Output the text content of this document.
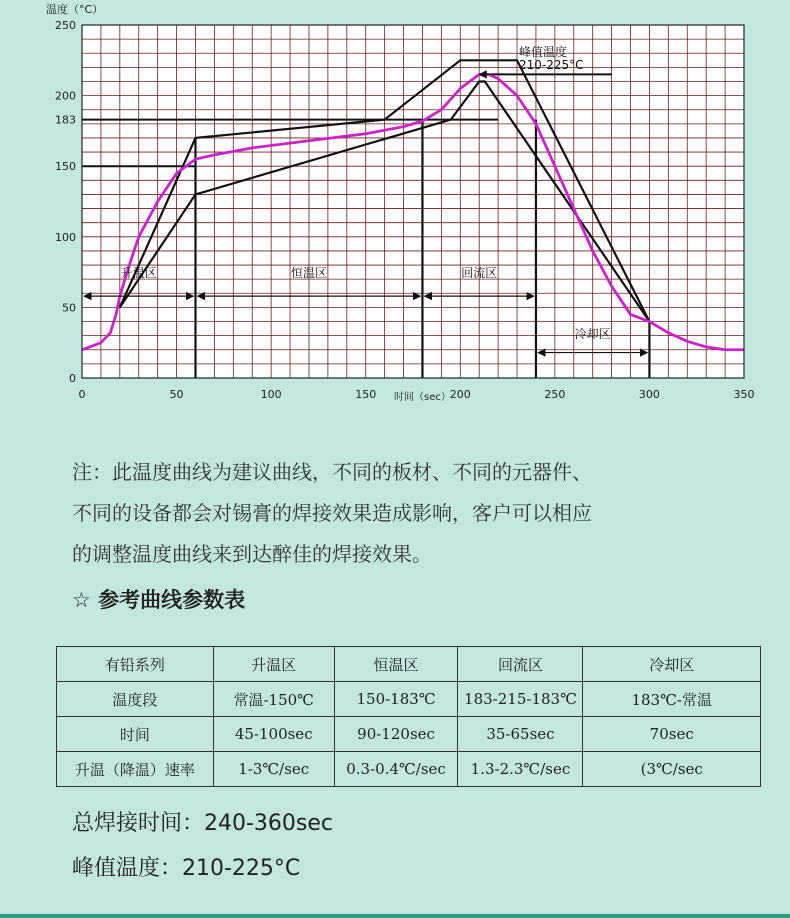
升温区	恒温区	回流区
冷却区
峰值温度
210-225°C
0
50
100
150
183
200
250
0	50	100	150	200	250	300	350
温度（°C）
时间（sec）
注：此温度曲线为建议曲线，不同的板材、不同的元器件、
不同的设备都会对锡膏的焊接效果造成影响，客户可以相应
的调整温度曲线来到达醉佳的焊接效果。
☆ 参考曲线参数表
有铅系列	升温区	恒温区	回流区	冷却区
温度段	常温-150℃	150-183℃	183-215-183℃	183℃-常温
时间	45-100sec	90-120sec	35-65sec	70sec
升温（降温）速率	1-3℃/sec	0.3-0.4℃/sec	1.3-2.3℃/sec	(3℃/sec
总焊接时间：240-360sec
峰值温度：210-225°C
